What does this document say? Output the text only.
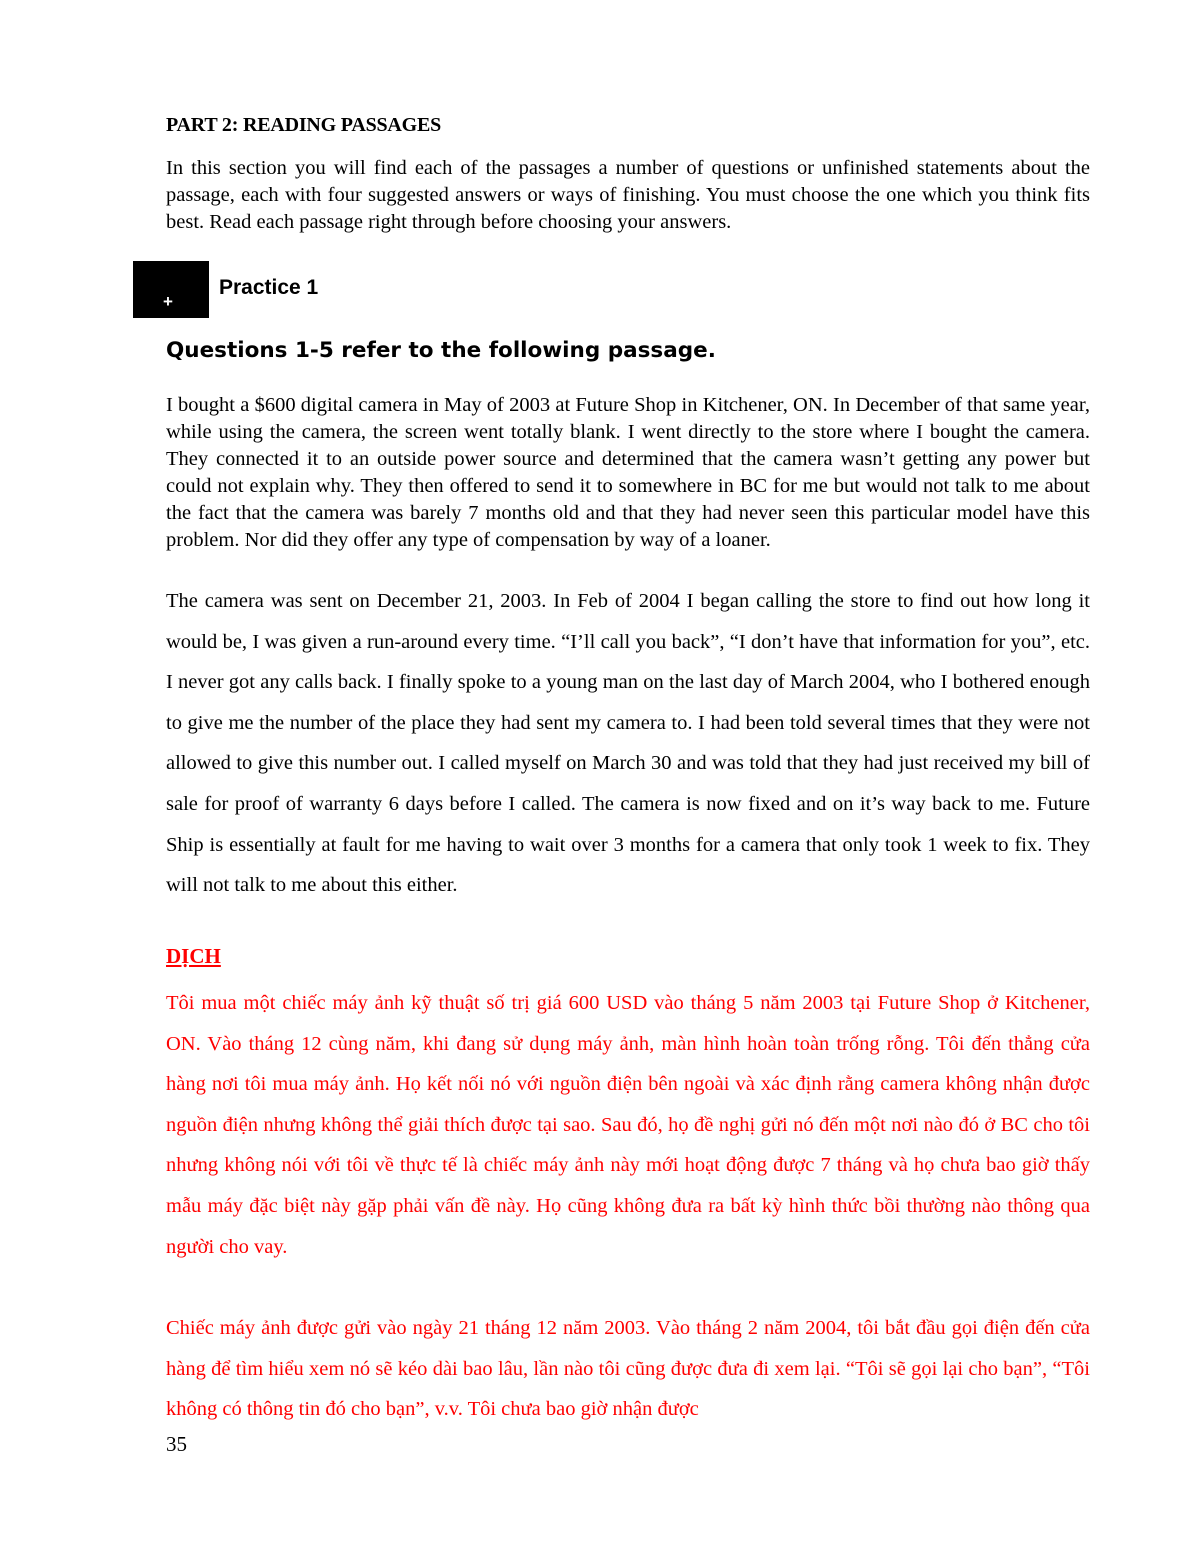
PART 2: READING PASSAGES

In this section you will find each of the passages a number of questions or unfinished statements about the passage, each with four suggested answers or ways of finishing. You must choose the one which you think fits best. Read each passage right through before choosing your answers.

+
Practice 1
Questions 1-5 refer to the following passage.

I bought a $600 digital camera in May of 2003 at Future Shop in Kitchener, ON. In December of that same year, while using the camera, the screen went totally blank. I went directly to the store where I bought the camera. They connected it to an outside power source and determined that the camera wasn’t getting any power but could not explain why. They then offered to send it to somewhere in BC for me but would not talk to me about the fact that the camera was barely 7 months old and that they had never seen this particular model have this problem. Nor did they offer any type of compensation by way of a loaner.

The camera was sent on December 21, 2003. In Feb of 2004 I began calling the store to find out how long it would be, I was given a run-around every time. “I’ll call you back”, “I don’t have that information for you”, etc. I never got any calls back. I finally spoke to a young man on the last day of March 2004, who I bothered enough to give me the number of the place they had sent my camera to. I had been told several times that they were not allowed to give this number out. I called myself on March 30 and was told that they had just received my bill of sale for proof of warranty 6 days before I called. The camera is now fixed and on it’s way back to me. Future Ship is essentially at fault for me having to wait over 3 months for a camera that only took 1 week to fix. They will not talk to me about this either.

DỊCH

Tôi mua một chiếc máy ảnh kỹ thuật số trị giá 600 USD vào tháng 5 năm 2003 tại Future Shop ở Kitchener, ON. Vào tháng 12 cùng năm, khi đang sử dụng máy ảnh, màn hình hoàn toàn trống rỗng. Tôi đến thẳng cửa hàng nơi tôi mua máy ảnh. Họ kết nối nó với nguồn điện bên ngoài và xác định rằng camera không nhận được nguồn điện nhưng không thể giải thích được tại sao. Sau đó, họ đề nghị gửi nó đến một nơi nào đó ở BC cho tôi nhưng không nói với tôi về thực tế là chiếc máy ảnh này mới hoạt động được 7 tháng và họ chưa bao giờ thấy mẫu máy đặc biệt này gặp phải vấn đề này. Họ cũng không đưa ra bất kỳ hình thức bồi thường nào thông qua người cho vay.

Chiếc máy ảnh được gửi vào ngày 21 tháng 12 năm 2003. Vào tháng 2 năm 2004, tôi bắt đầu gọi điện đến cửa hàng để tìm hiểu xem nó sẽ kéo dài bao lâu, lần nào tôi cũng được đưa đi xem lại. “Tôi sẽ gọi lại cho bạn”, “Tôi không có thông tin đó cho bạn”, v.v. Tôi chưa bao giờ nhận được

35
